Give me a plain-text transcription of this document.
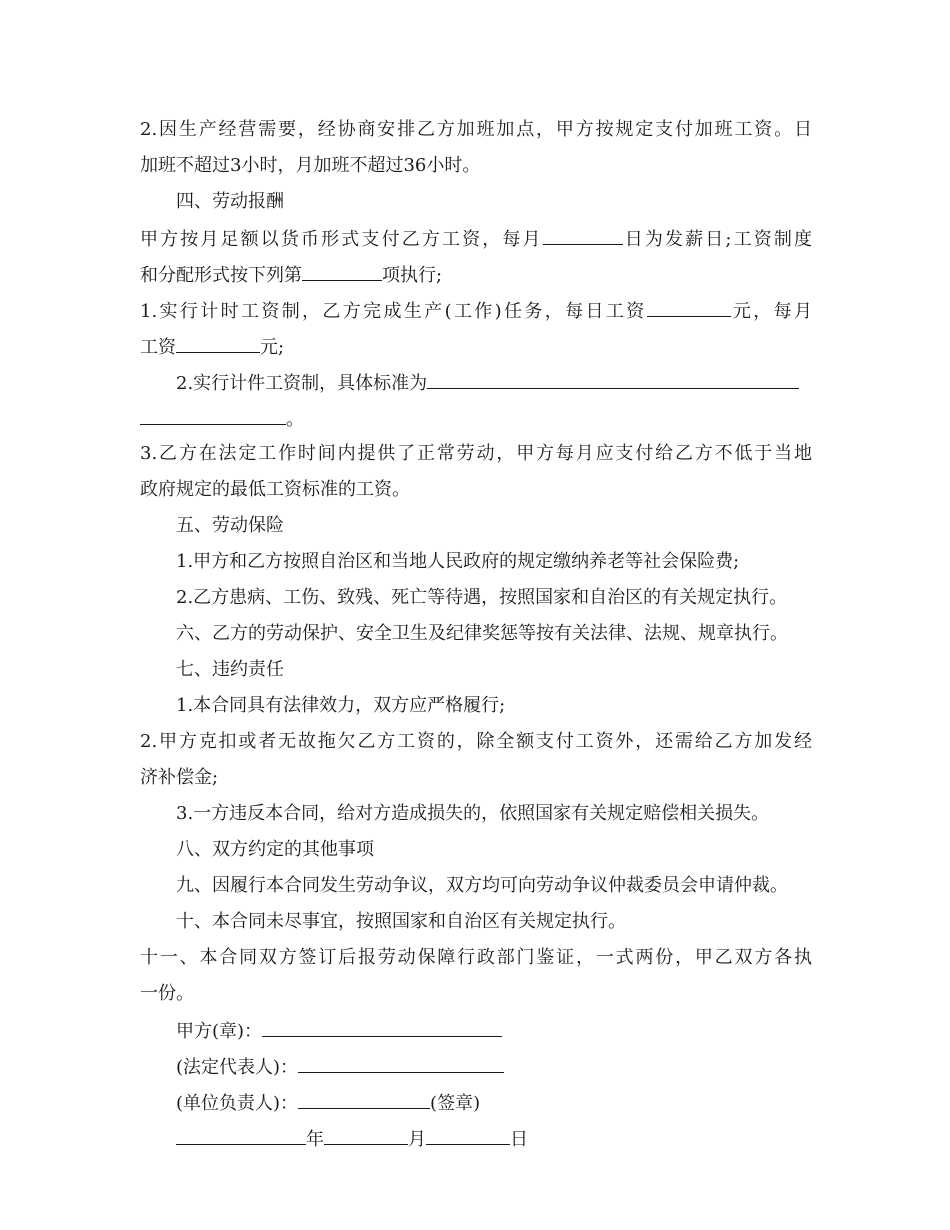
2.因生产经营需要，经协商安排乙方加班加点，甲方按规定支付加班工资。日
加班不超过3小时，月加班不超过36小时。
四、劳动报酬
甲方按月足额以货币形式支付乙方工资，每月	日为发薪日;工资制度
和分配形式按下列第	项执行;
1.实行计时工资制，乙方完成生产(工作)任务，每日工资	元，每月
工资	元;
2.实行计件工资制，具体标准为
。
3.乙方在法定工作时间内提供了正常劳动，甲方每月应支付给乙方不低于当地
政府规定的最低工资标准的工资。
五、劳动保险
1.甲方和乙方按照自治区和当地人民政府的规定缴纳养老等社会保险费;
2.乙方患病、工伤、致残、死亡等待遇，按照国家和自治区的有关规定执行。
六、乙方的劳动保护、安全卫生及纪律奖惩等按有关法律、法规、规章执行。
七、违约责任
1.本合同具有法律效力，双方应严格履行;
2.甲方克扣或者无故拖欠乙方工资的，除全额支付工资外，还需给乙方加发经
济补偿金;
3.一方违反本合同，给对方造成损失的，依照国家有关规定赔偿相关损失。
八、双方约定的其他事项
九、因履行本合同发生劳动争议，双方均可向劳动争议仲裁委员会申请仲裁。
十、本合同未尽事宜，按照国家和自治区有关规定执行。
十一、本合同双方签订后报劳动保障行政部门鉴证，一式两份，甲乙双方各执
一份。
甲方(章)：
(法定代表人)：
(单位负责人)：	(签章)
年	月	日
